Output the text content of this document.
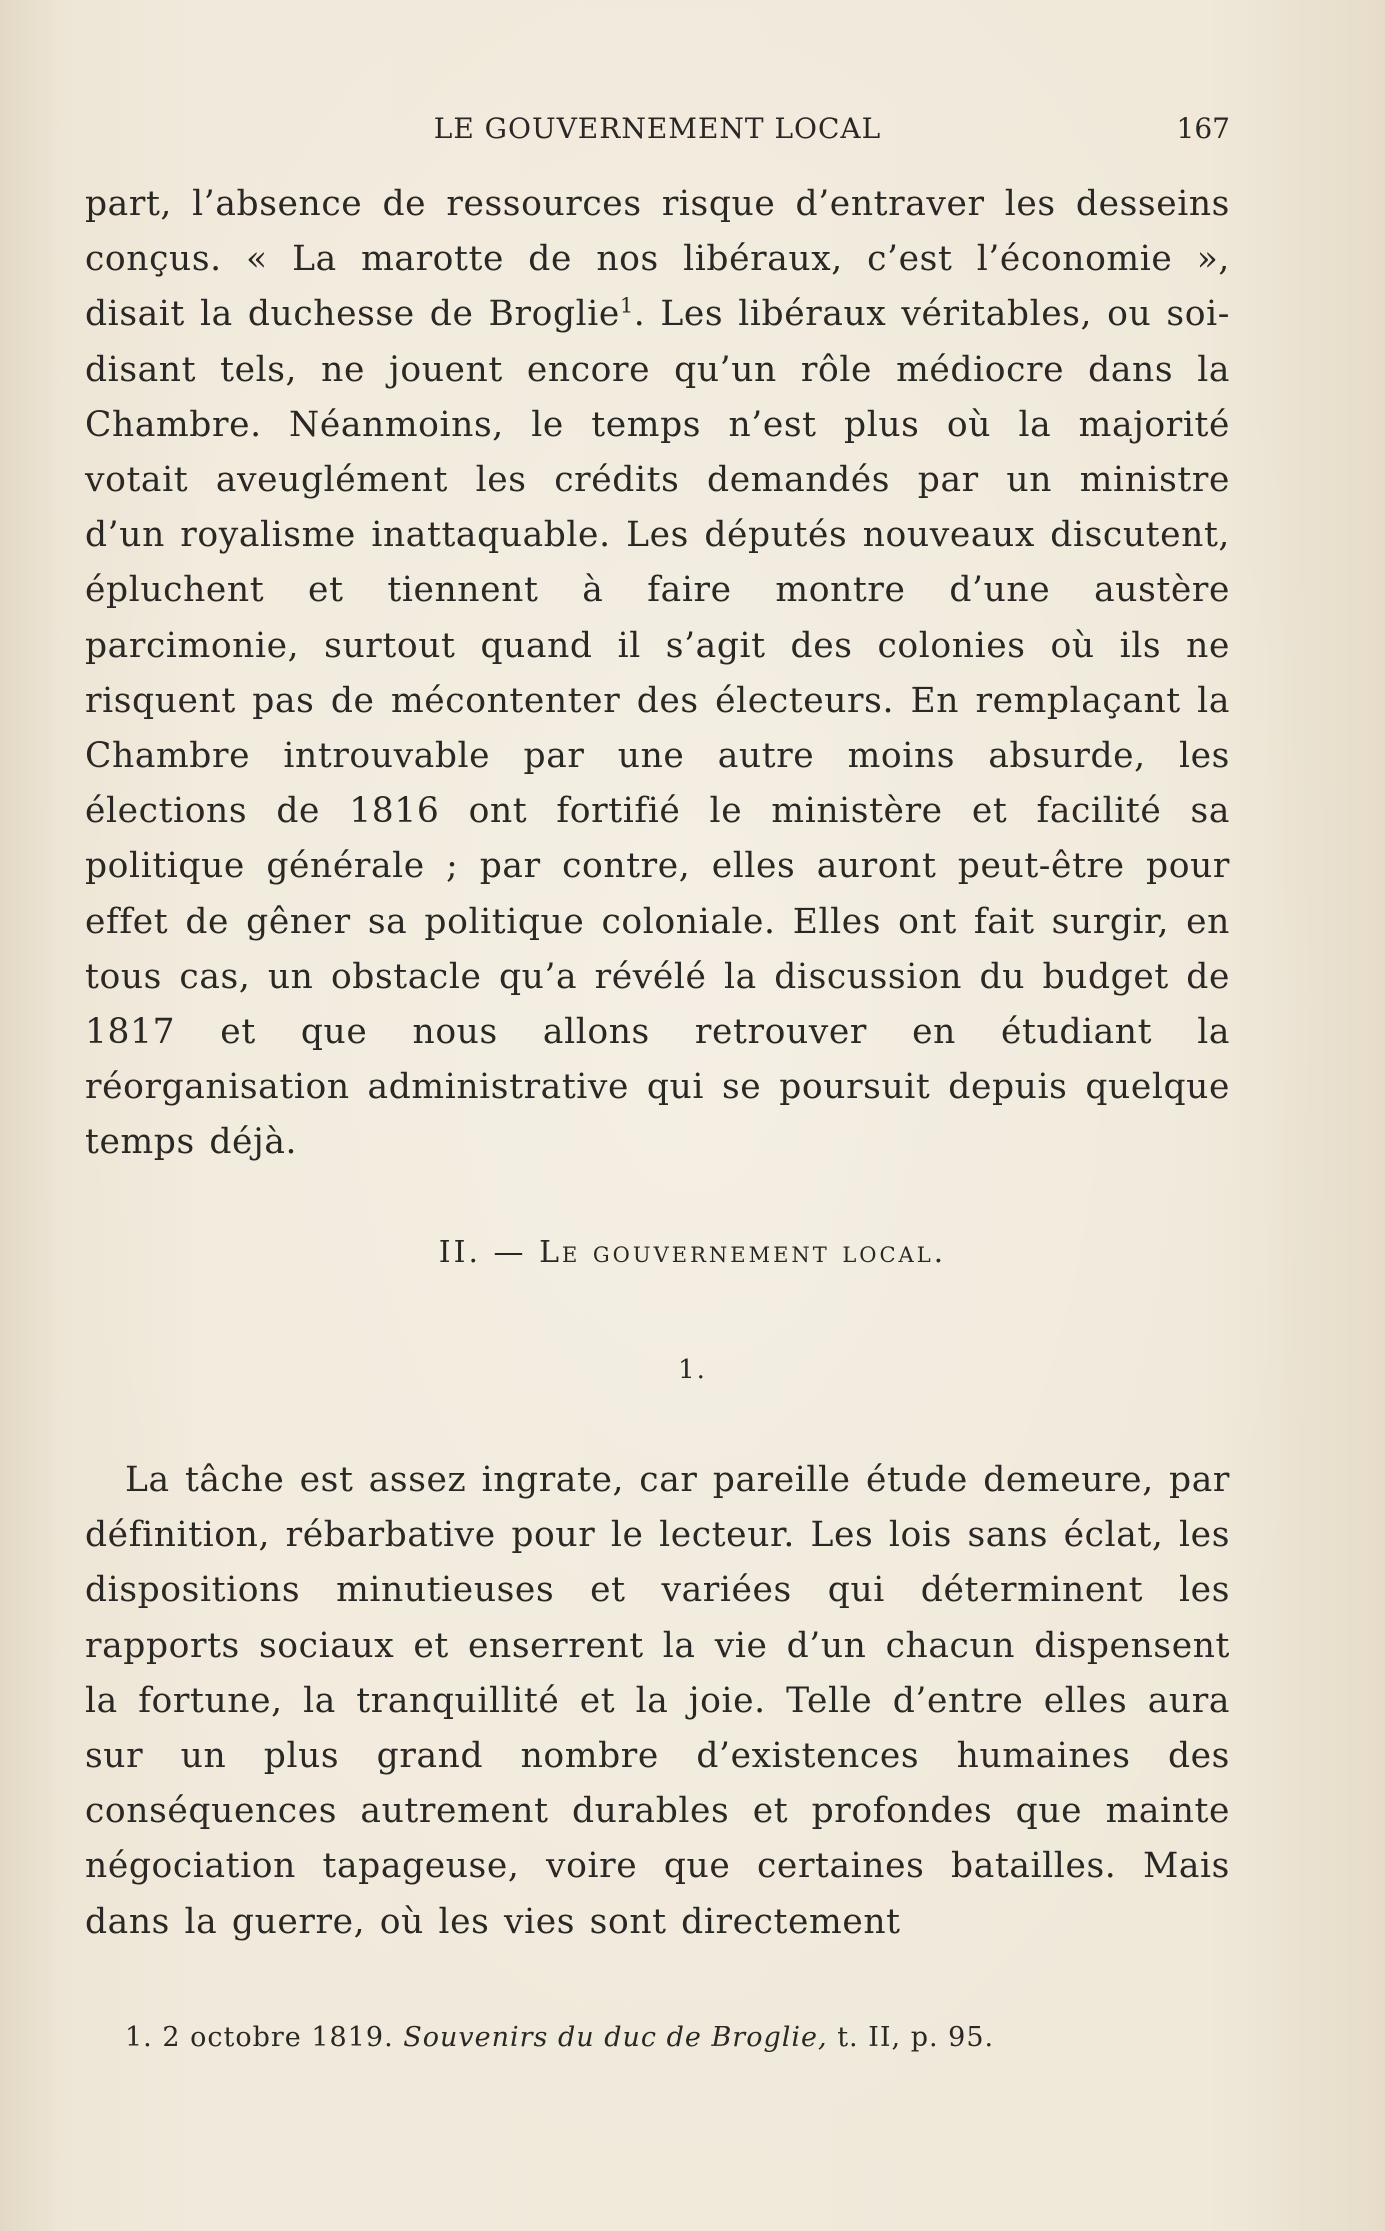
LE GOUVERNEMENT LOCAL	167

part, l’absence de ressources risque d’entraver les desseins conçus. « La marotte de nos libéraux, c’est l’économie », disait la duchesse de Broglie$^1$. Les libéraux véritables, ou soi-disant tels, ne jouent encore qu’un rôle médiocre dans la Chambre. Néanmoins, le temps n’est plus où la majorité votait aveuglément les crédits demandés par un ministre d’un royalisme inattaquable. Les députés nouveaux discutent, épluchent et tiennent à faire montre d’une austère parcimonie, surtout quand il s’agit des colonies où ils ne risquent pas de mécontenter des électeurs. En remplaçant la Chambre introuvable par une autre moins absurde, les élections de 1816 ont fortifié le ministère et facilité sa politique générale ; par contre, elles auront peut-être pour effet de gêner sa politique coloniale. Elles ont fait surgir, en tous cas, un obstacle qu’a révélé la discussion du budget de 1817 et que nous allons retrouver en étudiant la réorganisation administrative qui se poursuit depuis quelque temps déjà.

II. — Le gouvernement local.
1.

La tâche est assez ingrate, car pareille étude demeure, par définition, rébarbative pour le lecteur. Les lois sans éclat, les dispositions minutieuses et variées qui déterminent les rapports sociaux et enserrent la vie d’un chacun dispensent la fortune, la tranquillité et la joie. Telle d’entre elles aura sur un plus grand nombre d’existences humaines des conséquences autrement durables et profondes que mainte négociation tapageuse, voire que certaines batailles. Mais dans la guerre, où les vies sont directement

1. 2 octobre 1819. Souvenirs du duc de Broglie, t. II, p. 95.
